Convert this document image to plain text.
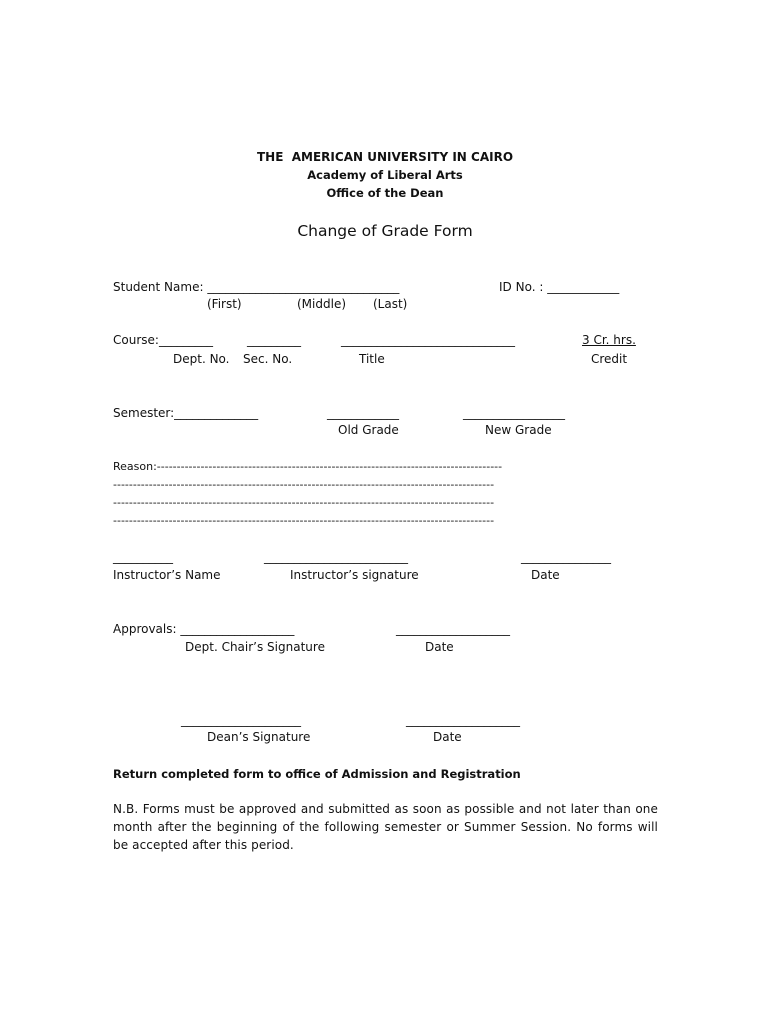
THE  AMERICAN UNIVERSITY IN CAIRO
Academy of Liberal Arts
Office of the Dean
Change of Grade Form
Student Name: ________________________________	ID No. : ____________
(First)	(Middle) (Last)
Course:_________	_________	_____________________________	3 Cr. hrs.
Dept. No. Sec. No.	Title	Credit
Semester:______________	____________	_________________
Old Grade	New Grade
Reason:---------------------------------------------------------------------------------------
------------------------------------------------------------------------------------------------
------------------------------------------------------------------------------------------------
------------------------------------------------------------------------------------------------
__________	________________________	_______________
Instructor’s Name	Instructor’s signature	Date
Approvals: ___________________	___________________
Dept. Chair’s Signature	Date
____________________	___________________
Dean’s Signature	Date
Return completed form to office of Admission and Registration
N.B. Forms must be approved and submitted as soon as possible and not later than one month after the beginning of the following semester or Summer Session. No forms will be accepted after this period.
